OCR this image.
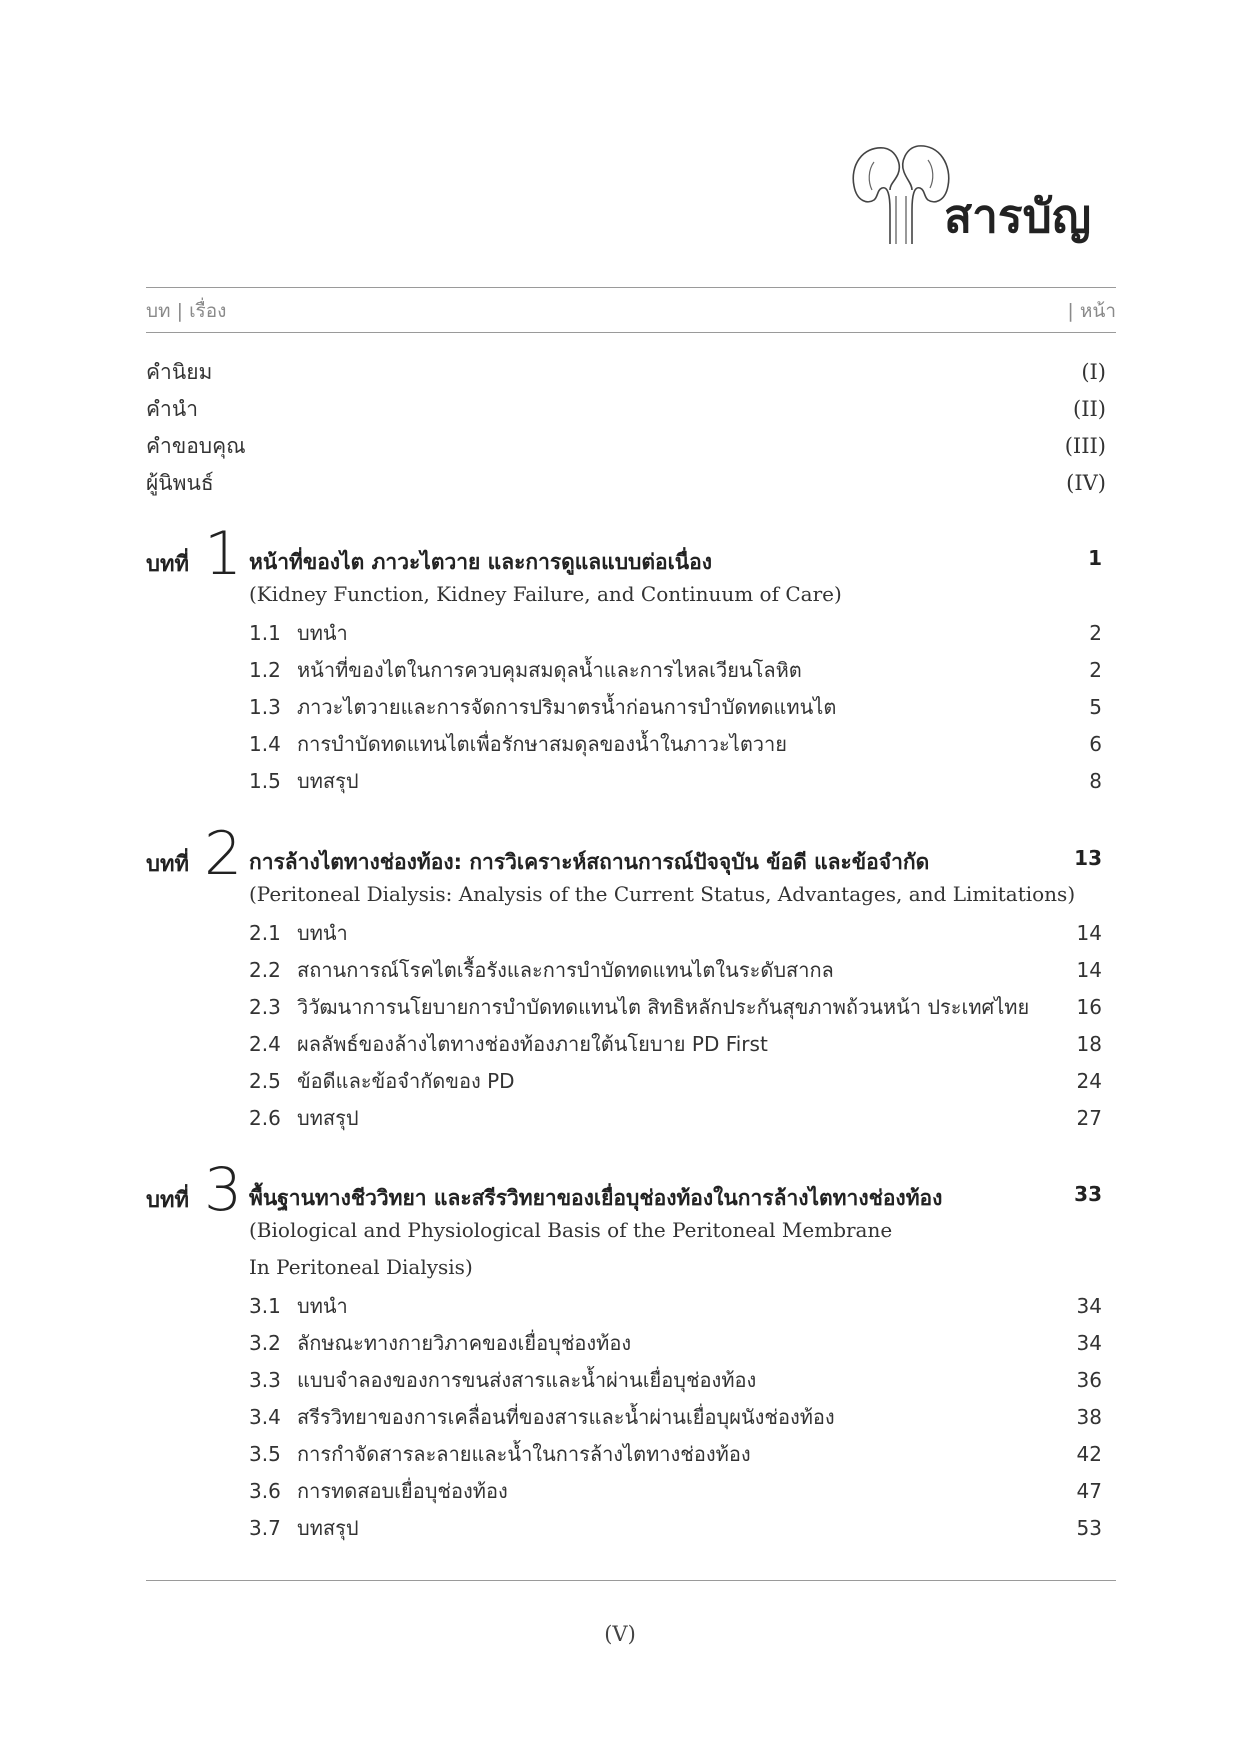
สารบัญ
บท | เรื่อง	| หน้า
คำนิยม	(I)
คำนำ	(II)
คำขอบคุณ	(III)
ผู้นิพนธ์	(IV)
บทที่ 1 หน้าที่ของไต ภาวะไตวาย และการดูแลแบบต่อเนื่อง	1
(Kidney Function, Kidney Failure, and Continuum of Care)
1.1 บทนำ	2
1.2 หน้าที่ของไตในการควบคุมสมดุลน้ำและการไหลเวียนโลหิต	2
1.3 ภาวะไตวายและการจัดการปริมาตรน้ำก่อนการบำบัดทดแทนไต	5
1.4 การบำบัดทดแทนไตเพื่อรักษาสมดุลของน้ำในภาวะไตวาย	6
1.5 บทสรุป	8
บทที่ 2 การล้างไตทางช่องท้อง: การวิเคราะห์สถานการณ์ปัจจุบัน ข้อดี และข้อจำกัด	13
(Peritoneal Dialysis: Analysis of the Current Status, Advantages, and Limitations)
2.1 บทนำ	14
2.2 สถานการณ์โรคไตเรื้อรังและการบำบัดทดแทนไตในระดับสากล	14
2.3 วิวัฒนาการนโยบายการบำบัดทดแทนไต สิทธิหลักประกันสุขภาพถ้วนหน้า ประเทศไทย 16
2.4 ผลลัพธ์ของล้างไตทางช่องท้องภายใต้นโยบาย PD First	18
2.5 ข้อดีและข้อจำกัดของ PD	24
2.6 บทสรุป	27
บทที่ 3 พื้นฐานทางชีววิทยา และสรีรวิทยาของเยื่อบุช่องท้องในการล้างไตทางช่องท้อง	33
(Biological and Physiological Basis of the Peritoneal Membrane
In Peritoneal Dialysis)
3.1 บทนำ	34
3.2 ลักษณะทางกายวิภาคของเยื่อบุช่องท้อง	34
3.3 แบบจำลองของการขนส่งสารและน้ำผ่านเยื่อบุช่องท้อง	36
3.4 สรีรวิทยาของการเคลื่อนที่ของสารและน้ำผ่านเยื่อบุผนังช่องท้อง	38
3.5 การกำจัดสารละลายและน้ำในการล้างไตทางช่องท้อง	42
3.6 การทดสอบเยื่อบุช่องท้อง	47
3.7 บทสรุป	53
(V)
